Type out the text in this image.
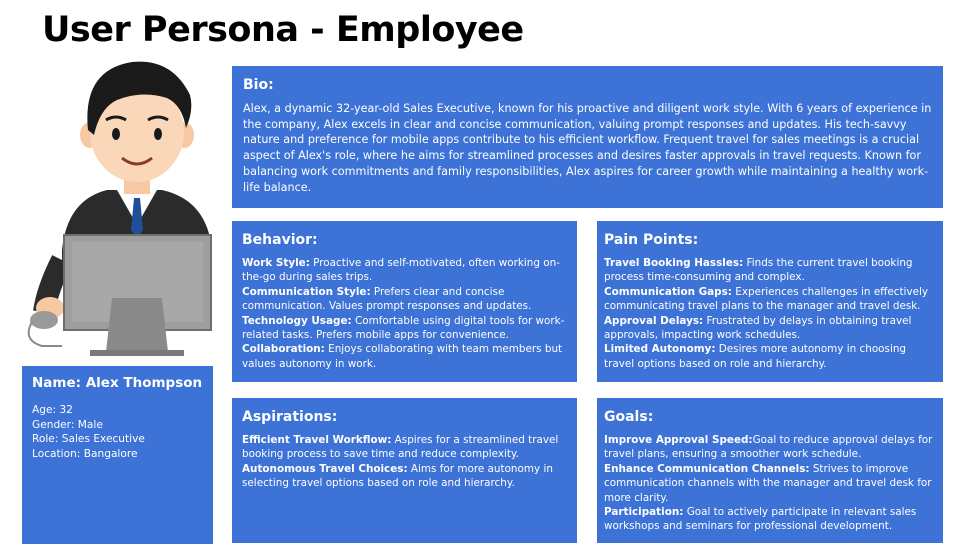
User Persona - Employee
Bio:

Alex, a dynamic 32-year-old Sales Executive, known for his proactive and diligent work style. With 6 years of experience in the company, Alex excels in clear and concise communication, valuing prompt responses and updates. His tech-savvy nature and preference for mobile apps contribute to his efficient workflow. Frequent travel for sales meetings is a crucial aspect of Alex's role, where he aims for streamlined processes and desires faster approvals in travel requests. Known for balancing work commitments and family responsibilities, Alex aspires for career growth while maintaining a healthy work-life balance.

Behavior:
Work Style: Proactive and self-motivated, often working on-the-go during sales trips.
Communication Style: Prefers clear and concise communication. Values prompt responses and updates.
Technology Usage: Comfortable using digital tools for work-related tasks. Prefers mobile apps for convenience.
Collaboration: Enjoys collaborating with team members but values autonomy in work.
Pain Points:
Travel Booking Hassles: Finds the current travel booking process time-consuming and complex.
Communication Gaps: Experiences challenges in effectively communicating travel plans to the manager and travel desk.
Approval Delays: Frustrated by delays in obtaining travel approvals, impacting work schedules.
Limited Autonomy: Desires more autonomy in choosing travel options based on role and hierarchy.
Name: Alex Thompson

Age: 32

Gender: Male

Role: Sales Executive

Location: Bangalore

Aspirations:
Efficient Travel Workflow: Aspires for a streamlined travel booking process to save time and reduce complexity.
Autonomous Travel Choices: Aims for more autonomy in selecting travel options based on role and hierarchy.
Goals:
Improve Approval Speed:Goal to reduce approval delays for travel plans, ensuring a smoother work schedule.
Enhance Communication Channels: Strives to improve communication channels with the manager and travel desk for more clarity.
Participation: Goal to actively participate in relevant sales workshops and seminars for professional development.
